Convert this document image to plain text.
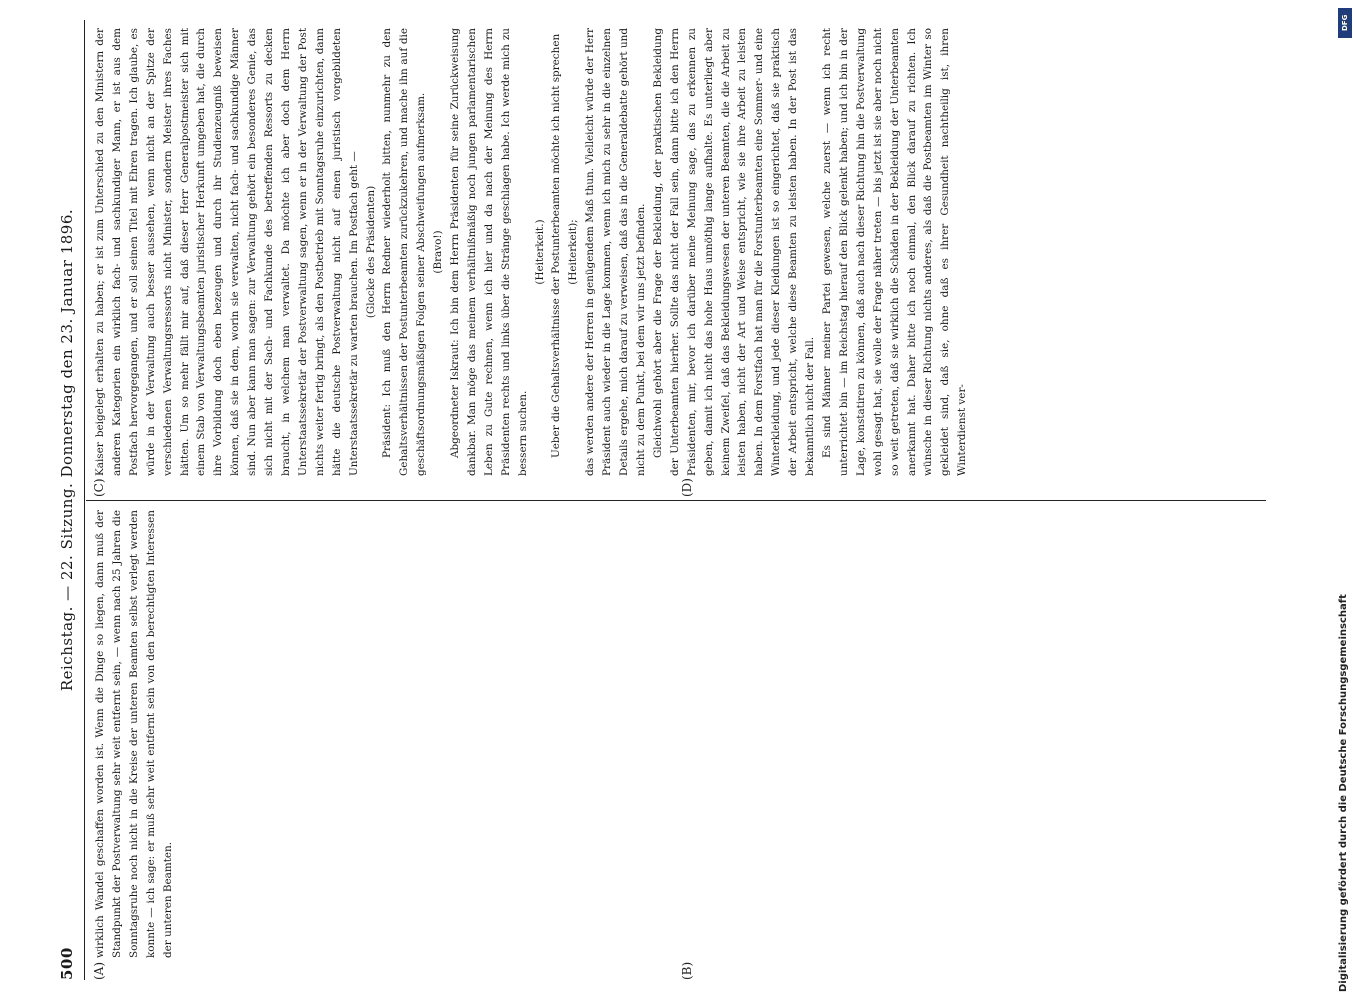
500
Reichstag. — 22. Sitzung. Donnerstag den 23. Januar 1896.
(A)	(B)
(C)	(D)

wirklich Wandel geschaffen worden ist. Wenn die Dinge so liegen, dann muß der Standpunkt der Postverwaltung sehr weit entfernt sein, — wenn nach 25 Jahren die Sonntagsruhe noch nicht in die Kreise der unteren Beamten selbst verlegt werden konnte — ich sage: er muß sehr weit entfernt sein von den berechtigten Interessen der unteren Beamten.

Kaiser beigelegt erhalten zu haben; er ist zum Unterschied zu den Ministern der anderen Kategorien ein wirklich fach- und sachkundiger Mann, er ist aus dem Postfach hervorgegangen, und er soll seinen Titel mit Ehren tragen. Ich glaube, es würde in der Verwaltung auch besser aussehen, wenn nicht an der Spitze der verschiedenen Verwaltungsressorts nicht Minister, sondern Meister ihres Faches hätten. Um so mehr fällt mir auf, daß dieser Herr Generalpostmeister sich mit einem Stab von Verwaltungsbeamten juristischer Herkunft umgeben hat, die durch ihre Vorbildung doch eben bezeugen und durch ihr Studienzeugniß beweisen können, daß sie in dem, worin sie verwalten, nicht fach- und sachkundige Männer sind. Nun aber kann man sagen: zur Verwaltung gehört ein besonderes Genie, das sich nicht mit der Sach- und Fachkunde des betreffenden Ressorts zu decken braucht, in welchem man verwaltet. Da möchte ich aber doch dem Herrn Unterstaatssekretär der Postverwaltung sagen, wenn er in der Verwaltung der Post nichts weiter fertig bringt, als den Postbetrieb mit Sonntagsruhe einzurichten, dann hätte die deutsche Postverwaltung nicht auf einen juristisch vorgebildeten Unterstaatssekretär zu warten brauchen. Im Postfach geht — (Glocke des Präsidenten) Präsident: Ich muß den Herrn Redner wiederholt bitten, nunmehr zu den Gehaltsverhältnissen der Postunterbeamten zurückzukehren, und mache ihn auf die geschäftsordnungsmäßigen Folgen seiner Abschweifungen aufmerksam. (Bravo!) Abgeordneter Iskraut: Ich bin dem Herrn Präsidenten für seine Zurückweisung dankbar. Man möge das meinem verhältnißmäßig noch jungen parlamentarischen Leben zu Gute rechnen, wenn ich hier und da nach der Meinung des Herrn Präsidenten rechts und links über die Stränge geschlagen habe. Ich werde mich zu bessern suchen.

(Heiterkeit.) Ueber die Gehaltsverhältnisse der Postunterbeamten möchte ich nicht sprechen (Heiterkeit); das werden andere der Herren in genügendem Maß thun. Vielleicht würde der Herr Präsident auch wieder in die Lage kommen, wenn ich mich zu sehr in die einzelnen Details ergehe, mich darauf zu verweisen, daß das in die Generaldebatte gehört und nicht zu dem Punkt, bei dem wir uns jetzt befinden. Gleichwohl gehört aber die Frage der Bekleidung, der praktischen Bekleidung der Unterbeamten hierher. Sollte das nicht der Fall sein, dann bitte ich den Herrn Präsidenten, mir, bevor ich darüber meine Meinung sage, das zu erkennen zu geben, damit ich nicht das hohe Haus unnöthig lange aufhalte. Es unterliegt aber keinem Zweifel, daß das Bekleidungswesen der unteren Beamten, die die Arbeit zu leisten haben, nicht der Art und Weise entspricht, wie sie ihre Arbeit zu leisten haben. In dem Forstfach hat man für die Forstunterbeamten eine Sommer- und eine Winterkleidung, und jede dieser Kleidungen ist so eingerichtet, daß sie praktisch der Arbeit entspricht, welche diese Beamten zu leisten haben. In der Post ist das bekanntlich nicht der Fall. Es sind Männer meiner Partei gewesen, welche zuerst — wenn ich recht unterrichtet bin — im Reichstag hierauf den Blick gelenkt haben; und ich bin in der Lage, konstatiren zu können, daß auch nach dieser Richtung hin die Postverwaltung wohl gesagt hat, sie wolle der Frage näher treten — bis jetzt ist sie aber noch nicht so weit getreten, daß sie wirklich die Schäden in der Bekleidung der Unterbeamten anerkannt hat. Daher bitte ich noch einmal, den Blick darauf zu richten. Ich wünsche in dieser Richtung nichts anderes, als daß die Postbeamten im Winter so gekleidet sind, daß sie, ohne daß es ihrer Gesundheit nachtheilig ist, ihren Winterdienst ver-

DFG
Digitalisierung gefördert durch die Deutsche Forschungsgemeinschaft
